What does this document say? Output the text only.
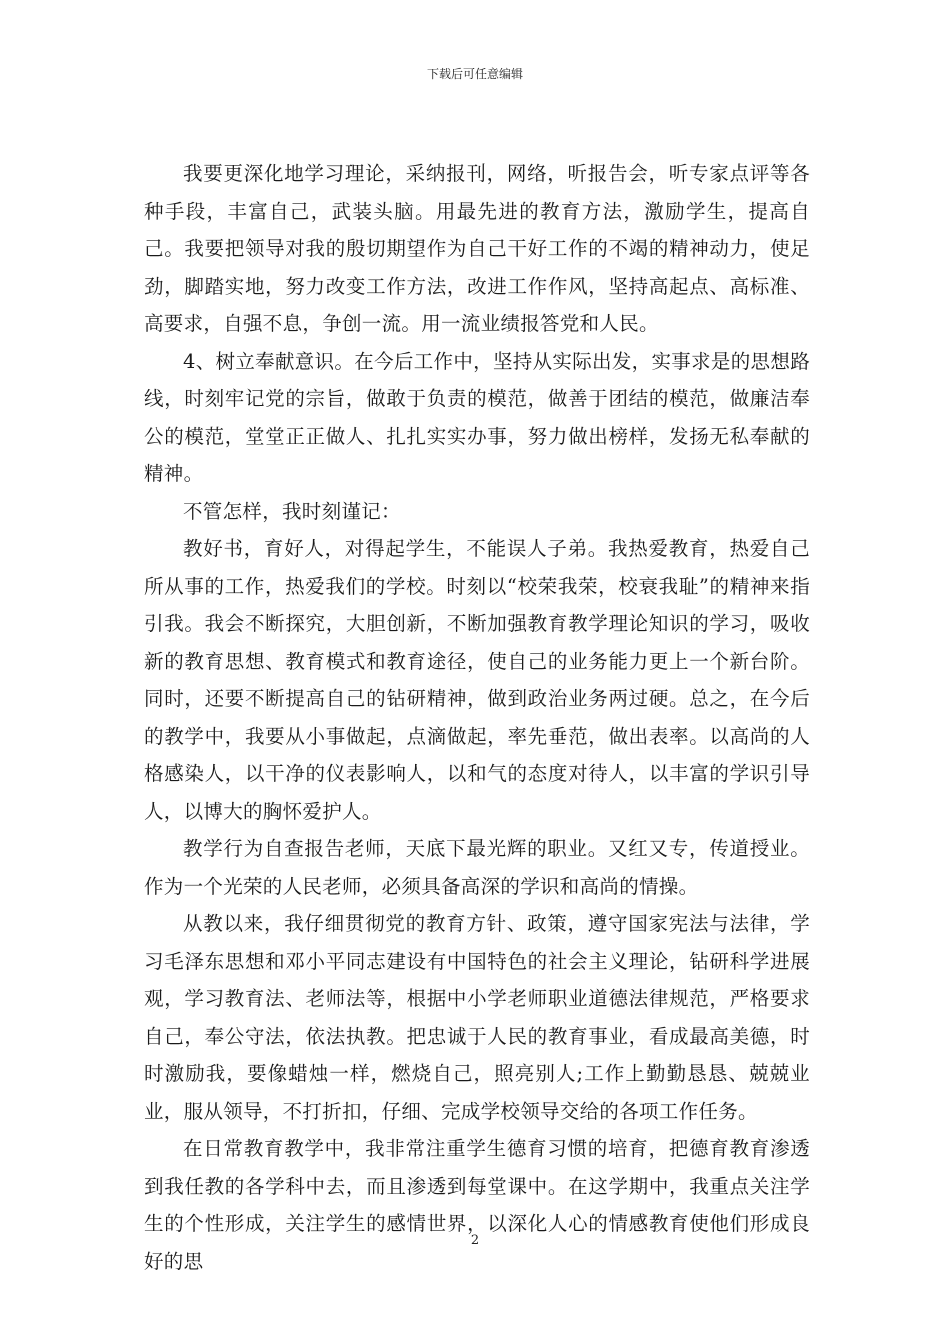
下载后可任意编辑

我要更深化地学习理论，采纳报刊，网络，听报告会，听专家点评等各种手段，丰富自己，武装头脑。用最先进的教育方法，激励学生，提高自己。我要把领导对我的殷切期望作为自己干好工作的不竭的精神动力，使足劲，脚踏实地，努力改变工作方法，改进工作作风，坚持高起点、高标准、高要求，自强不息，争创一流。用一流业绩报答党和人民。

4、树立奉献意识。在今后工作中，坚持从实际出发，实事求是的思想路线，时刻牢记党的宗旨，做敢于负责的模范，做善于团结的模范，做廉洁奉公的模范，堂堂正正做人、扎扎实实办事，努力做出榜样，发扬无私奉献的精神。

不管怎样，我时刻谨记：

教好书，育好人，对得起学生，不能误人子弟。我热爱教育，热爱自己所从事的工作，热爱我们的学校。时刻以“校荣我荣，校衰我耻”的精神来指引我。我会不断探究，大胆创新，不断加强教育教学理论知识的学习，吸收新的教育思想、教育模式和教育途径，使自己的业务能力更上一个新台阶。同时，还要不断提高自己的钻研精神，做到政治业务两过硬。总之，在今后的教学中，我要从小事做起，点滴做起，率先垂范，做出表率。以高尚的人格感染人，以干净的仪表影响人，以和气的态度对待人，以丰富的学识引导人，以博大的胸怀爱护人。

教学行为自查报告老师，天底下最光辉的职业。又红又专，传道授业。作为一个光荣的人民老师，必须具备高深的学识和高尚的情操。

从教以来，我仔细贯彻党的教育方针、政策，遵守国家宪法与法律，学习毛泽东思想和邓小平同志建设有中国特色的社会主义理论，钻研科学进展观，学习教育法、老师法等，根据中小学老师职业道德法律规范，严格要求自己，奉公守法，依法执教。把忠诚于人民的教育事业，看成最高美德，时时激励我，要像蜡烛一样，燃烧自己，照亮别人;工作上勤勤恳恳、兢兢业业，服从领导，不打折扣，仔细、完成学校领导交给的各项工作任务。

在日常教育教学中，我非常注重学生德育习惯的培育，把德育教育渗透到我任教的各学科中去，而且渗透到每堂课中。在这学期中，我重点关注学生的个性形成，关注学生的感情世界，以深化人心的情感教育使他们形成良好的思

2
